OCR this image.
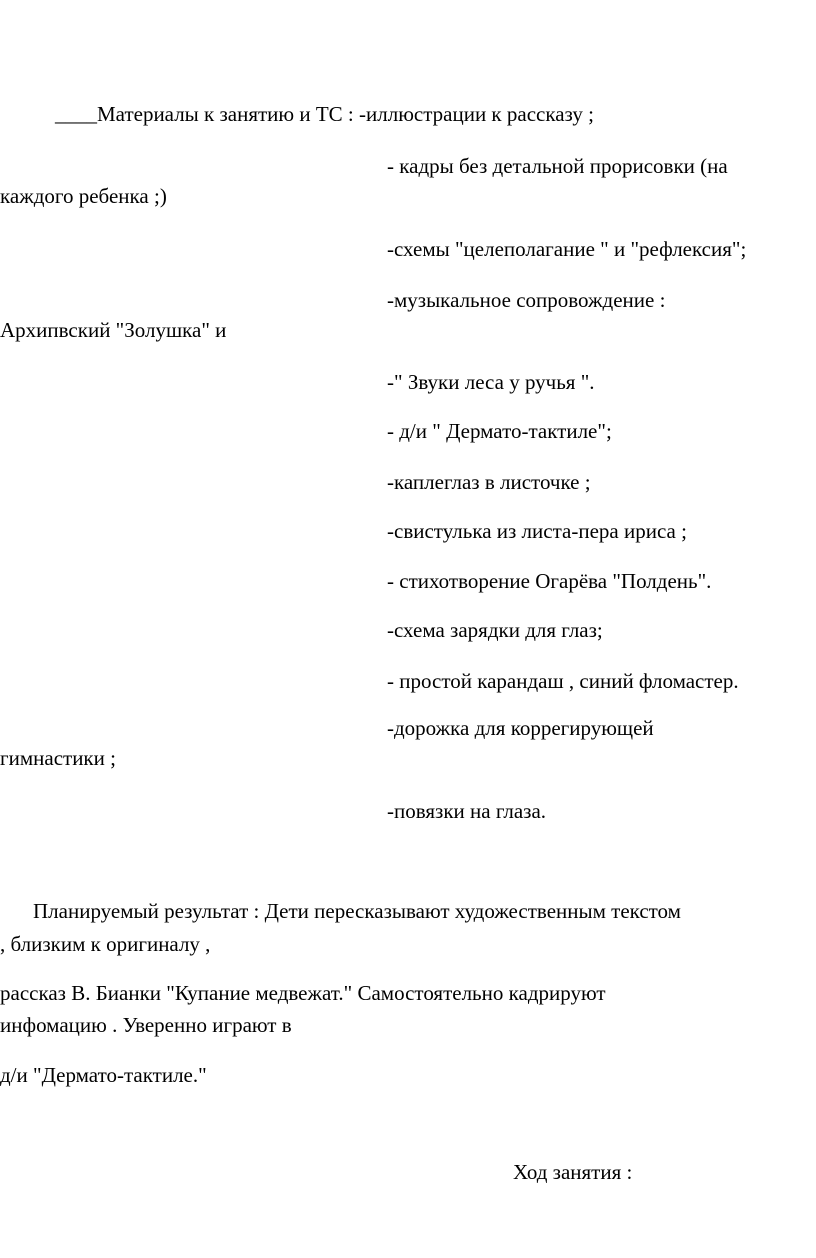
____Материалы к занятию и ТС : -иллюстрации к рассказу ;
- кадры без детальной прорисовки (на
каждого ребенка ;)
-схемы "целеполагание " и "рефлексия";
-музыкальное сопровождение :
Архипвский "Золушка" и
-" Звуки леса у ручья ".
- д/и " Дермато-тактиле";
-каплеглаз в листочке ;
-свистулька из листа-пера ириса ;
- стихотворение Огарёва "Полдень".
-схема зарядки для глаз;
- простой карандаш , синий фломастер.
-дорожка для коррегирующей
гимнастики ;
-повязки на глаза.
Планируемый результат : Дети пересказывают художественным текстом
, близким к оригиналу ,
рассказ В. Бианки "Купание медвежат." Самостоятельно кадрируют
инфомацию . Уверенно играют в
д/и "Дермато-тактиле."
Ход занятия :
